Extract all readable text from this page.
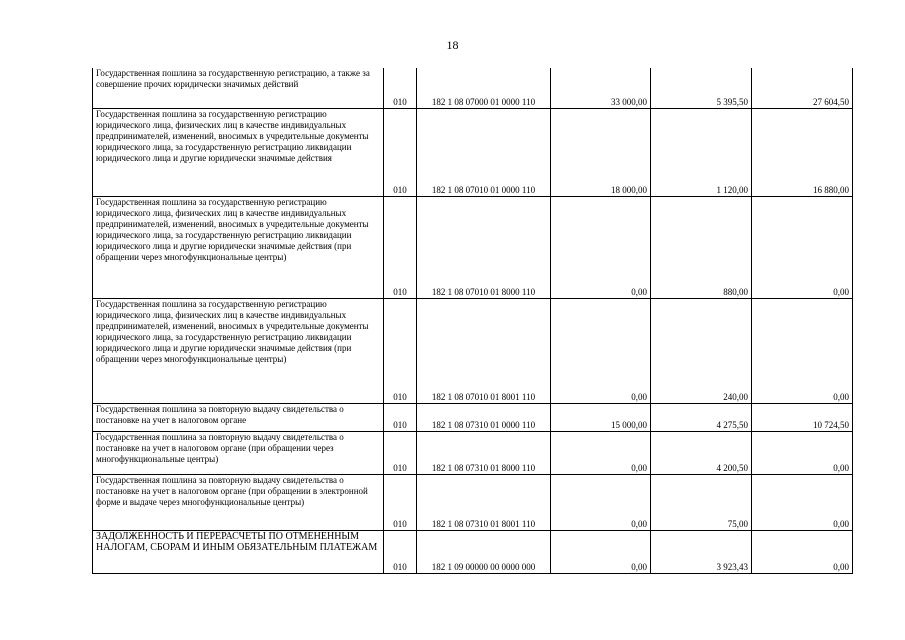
18
Государственная пошлина за государственную регистрацию, а также за совершение прочих юридически значимых действий	010	182 1 08 07000 01 0000 110	33 000,00	5 395,50	27 604,50
Государственная пошлина за государственную регистрацию юридического лица, физических лиц в качестве индивидуальных предпринимателей, изменений, вносимых в учредительные документы юридического лица, за государственную регистрацию ликвидации юридического лица и другие юридически значимые действия	010	182 1 08 07010 01 0000 110	18 000,00	1 120,00	16 880,00
Государственная пошлина за государственную регистрацию юридического лица, физических лиц в качестве индивидуальных предпринимателей, изменений, вносимых в учредительные документы юридического лица, за государственную регистрацию ликвидации юридического лица и другие юридически значимые действия (при обращении через многофункциональные центры)	010	182 1 08 07010 01 8000 110	0,00	880,00	0,00
Государственная пошлина за государственную регистрацию юридического лица, физических лиц в качестве индивидуальных предпринимателей, изменений, вносимых в учредительные документы юридического лица, за государственную регистрацию ликвидации юридического лица и другие юридически значимые действия (при обращении через многофункциональные центры)	010	182 1 08 07010 01 8001 110	0,00	240,00	0,00
Государственная пошлина за повторную выдачу свидетельства о постановке на учет в налоговом органе	010	182 1 08 07310 01 0000 110	15 000,00	4 275,50	10 724,50
Государственная пошлина за повторную выдачу свидетельства о постановке на учет в налоговом органе (при обращении через многофункциональные центры)	010	182 1 08 07310 01 8000 110	0,00	4 200,50	0,00
Государственная пошлина за повторную выдачу свидетельства о постановке на учет в налоговом органе (при обращении в электронной форме и выдаче через многофункциональные центры)	010	182 1 08 07310 01 8001 110	0,00	75,00	0,00
ЗАДОЛЖЕННОСТЬ И ПЕРЕРАСЧЕТЫ ПО ОТМЕНЕННЫМ НАЛОГАМ, СБОРАМ И ИНЫМ ОБЯЗАТЕЛЬНЫМ ПЛАТЕЖАМ	010	182 1 09 00000 00 0000 000	0,00	3 923,43	0,00
